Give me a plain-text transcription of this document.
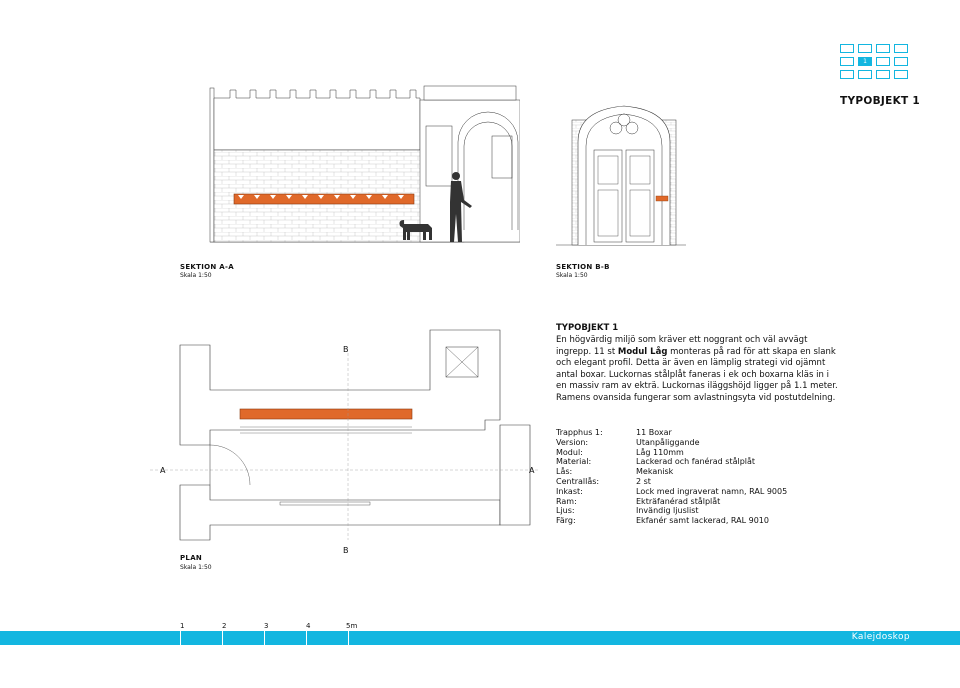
1
TYPOBJEKT 1
SEKTION A-A
Skala 1:50
SEKTION B-B
Skala 1:50
B
B
A	A
PLAN
Skala 1:50
TYPOBJEKT 1
En högvärdig miljö som kräver ett noggrant och väl avvägt
ingrepp. 11 st Modul Låg monteras på rad för att skapa en slank
och elegant profil. Detta är även en lämplig strategi vid ojämnt
antal boxar. Luckornas stålplåt faneras i ek och boxarna kläs in i
en massiv ram av ekträ. Luckornas iläggshöjd ligger på 1.1 meter.
Ramens ovansida fungerar som avlastningsyta vid postutdelning.
Trapphus 1:	11 Boxar
Version:	Utanpåliggande
Modul:	Låg 110mm
Material:	Lackerad och fanérad stålplåt
Lås:	Mekanisk
Centrallås:	2 st
Inkast:	Lock med ingraverat namn, RAL 9005
Ram:	Ekträfanérad stålplåt
Ljus:	Invändig ljuslist
Färg:	Ekfanér samt lackerad, RAL 9010
1	2	3	4	5m
Kalejdoskop
